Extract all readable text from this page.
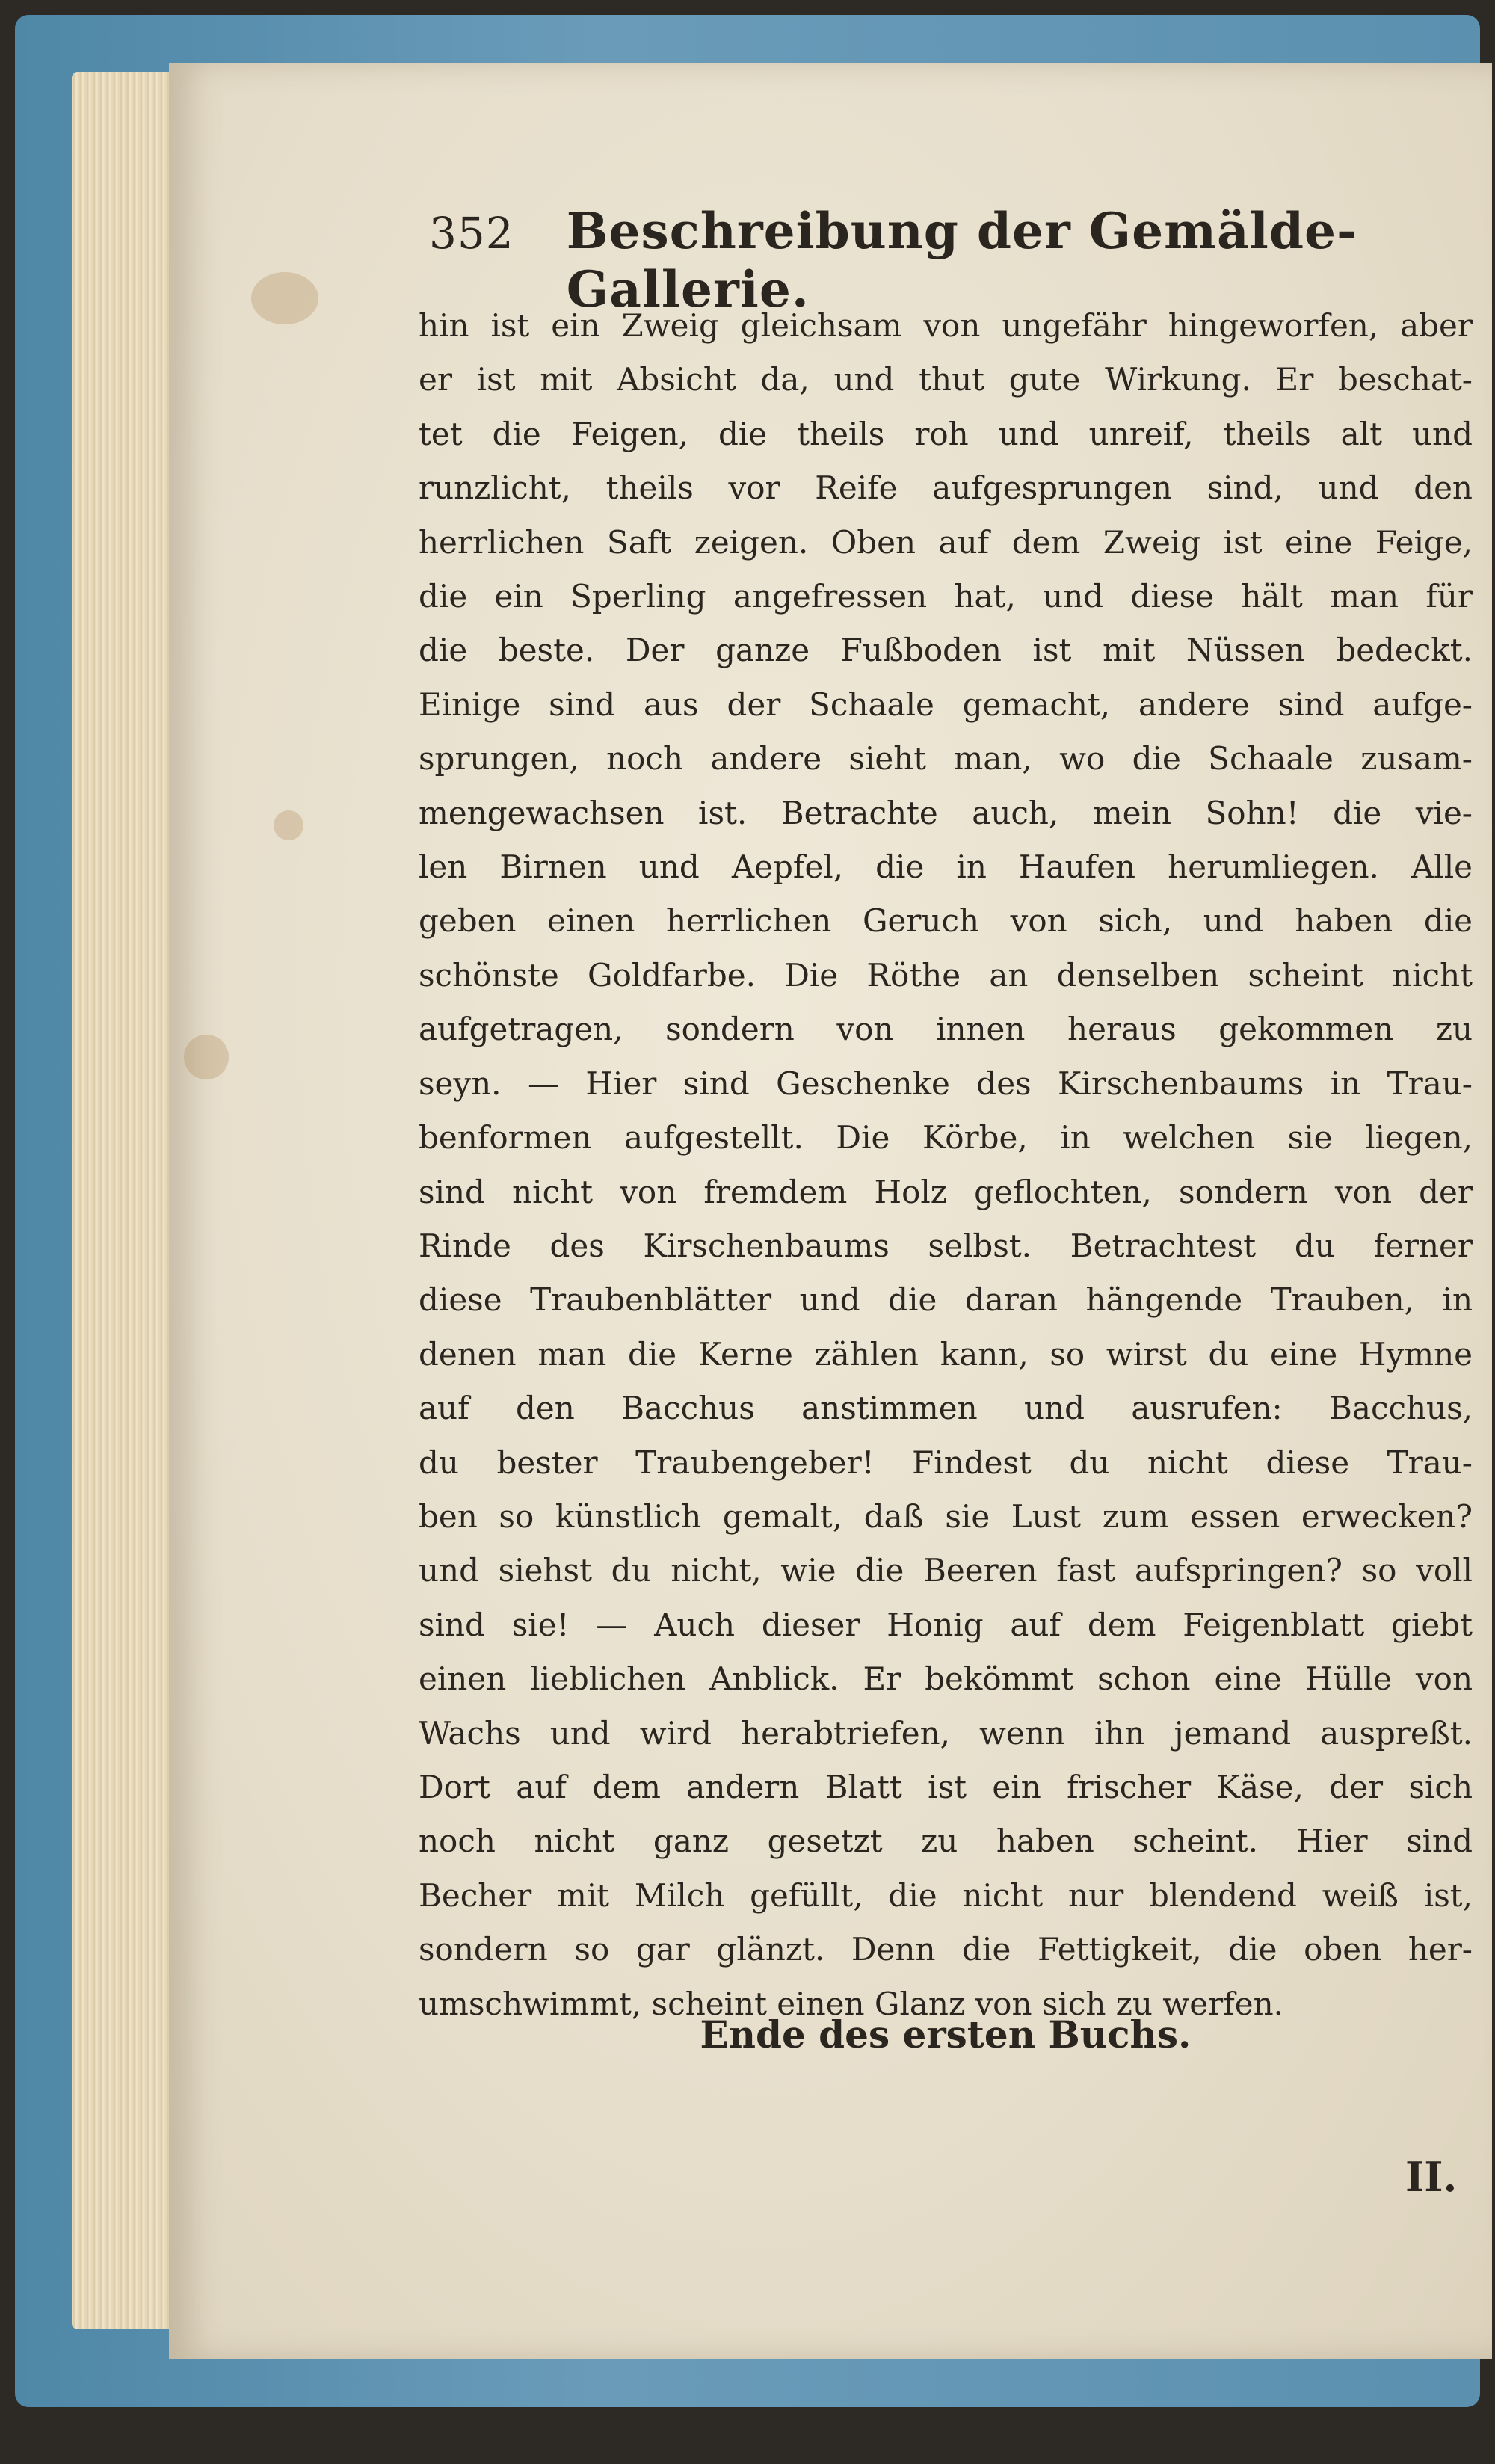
352 Beschreibung der Gemälde-Gallerie.

hin ist ein Zweig gleichsam von ungefähr hingeworfen, aber
er ist mit Absicht da, und thut gute Wirkung. Er beschat-
tet die Feigen, die theils roh und unreif, theils alt und
runzlicht, theils vor Reife aufgesprungen sind, und den
herrlichen Saft zeigen. Oben auf dem Zweig ist eine Feige,
die ein Sperling angefressen hat, und diese hält man für
die beste. Der ganze Fußboden ist mit Nüssen bedeckt.
Einige sind aus der Schaale gemacht, andere sind aufge-
sprungen, noch andere sieht man, wo die Schaale zusam-
mengewachsen ist. Betrachte auch, mein Sohn! die vie-
len Birnen und Aepfel, die in Haufen herumliegen. Alle
geben einen herrlichen Geruch von sich, und haben die
schönste Goldfarbe. Die Röthe an denselben scheint nicht
aufgetragen, sondern von innen heraus gekommen zu
seyn. — Hier sind Geschenke des Kirschenbaums in Trau-
benformen aufgestellt. Die Körbe, in welchen sie liegen,
sind nicht von fremdem Holz geflochten, sondern von der
Rinde des Kirschenbaums selbst. Betrachtest du ferner
diese Traubenblätter und die daran hängende Trauben, in
denen man die Kerne zählen kann, so wirst du eine Hymne
auf den Bacchus anstimmen und ausrufen: Bacchus,
du bester Traubengeber! Findest du nicht diese Trau-
ben so künstlich gemalt, daß sie Lust zum essen erwecken?
und siehst du nicht, wie die Beeren fast aufspringen? so voll
sind sie! — Auch dieser Honig auf dem Feigenblatt giebt
einen lieblichen Anblick. Er bekömmt schon eine Hülle von
Wachs und wird herabtriefen, wenn ihn jemand auspreßt.
Dort auf dem andern Blatt ist ein frischer Käse, der sich
noch nicht ganz gesetzt zu haben scheint. Hier sind
Becher mit Milch gefüllt, die nicht nur blendend weiß ist,
sondern so gar glänzt. Denn die Fettigkeit, die oben her-
umschwimmt, scheint einen Glanz von sich zu werfen.

Ende des ersten Buchs.
II.
